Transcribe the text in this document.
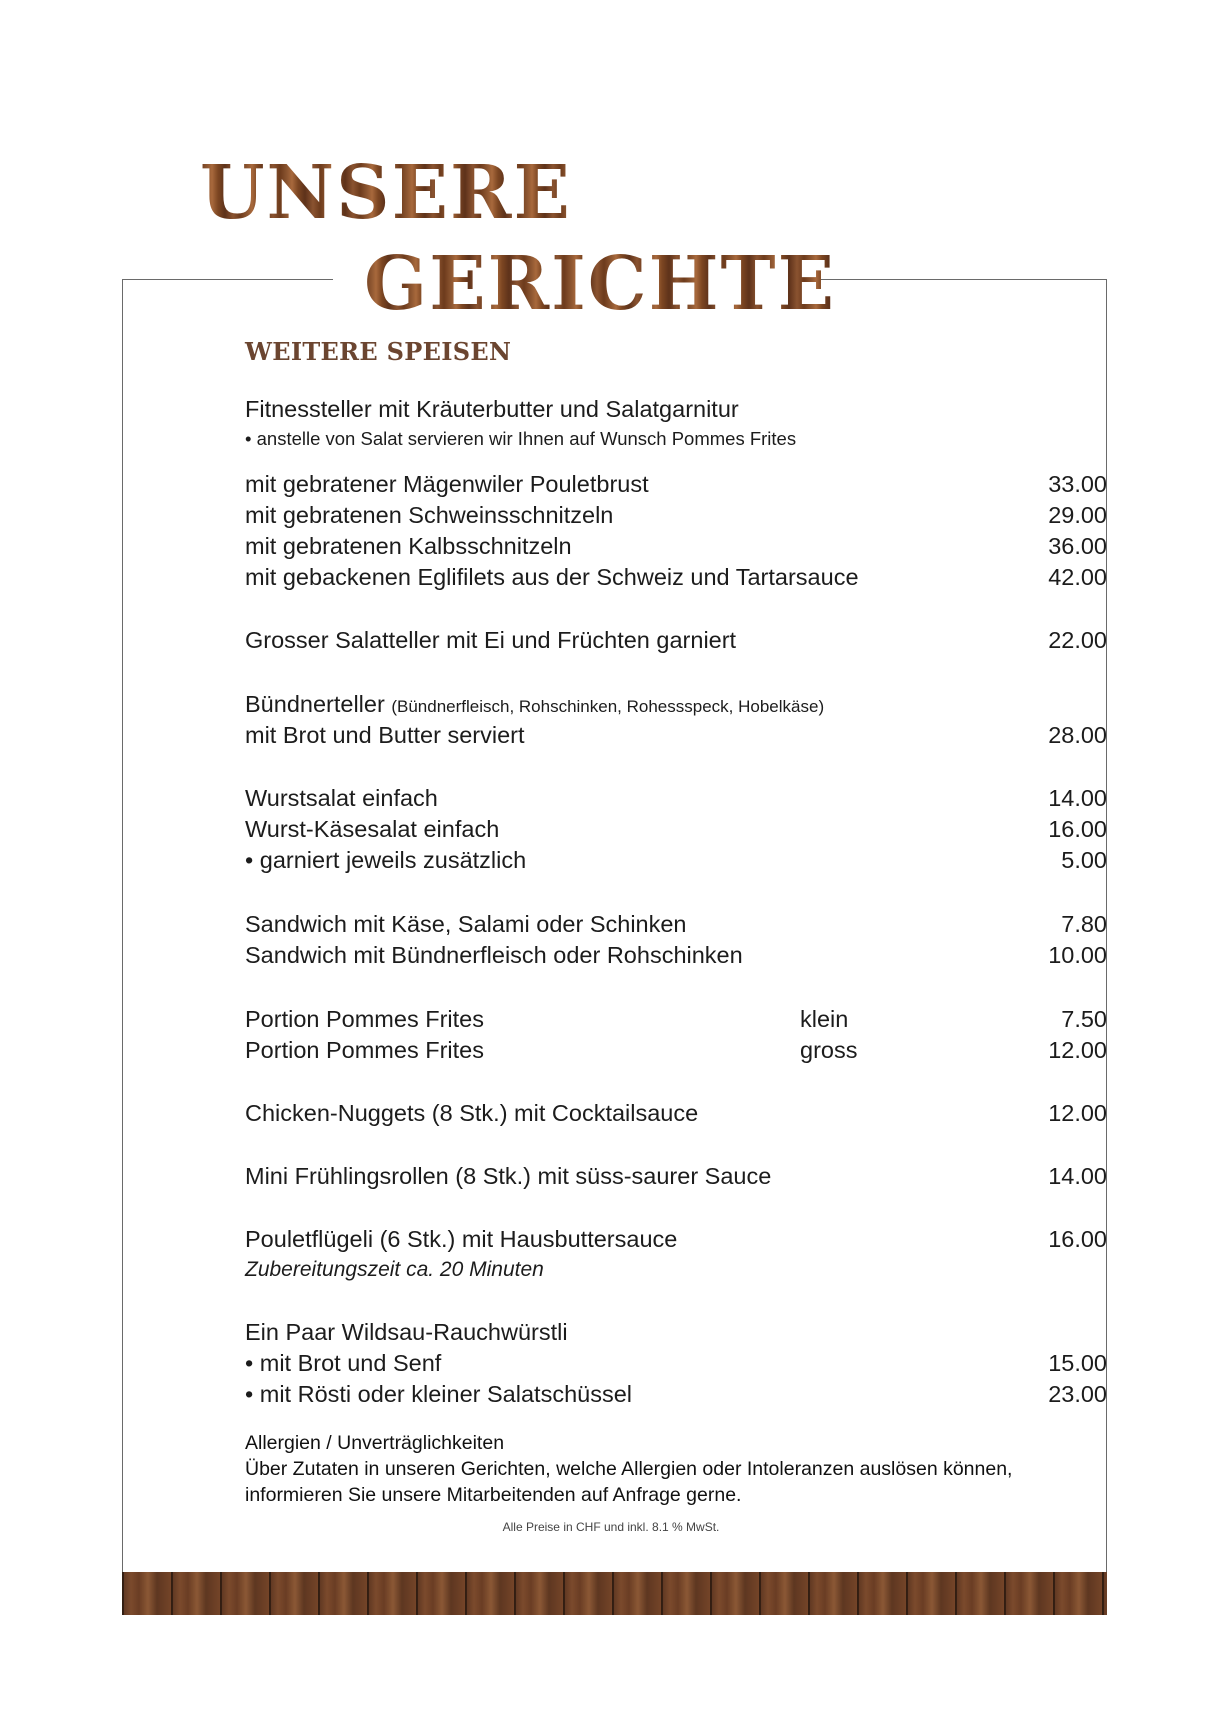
UNSERE
GERICHTE
WEITERE SPEISEN
Fitnessteller mit Kräuterbutter und Salatgarnitur
• anstelle von Salat servieren wir Ihnen auf Wunsch Pommes Frites
mit gebratener Mägenwiler Pouletbrust	33.00
mit gebratenen Schweinsschnitzeln	29.00
mit gebratenen Kalbsschnitzeln	36.00
mit gebackenen Eglifilets aus der Schweiz und Tartarsauce	42.00
Grosser Salatteller mit Ei und Früchten garniert	22.00
Bündnerteller (Bündnerfleisch, Rohschinken, Rohessspeck, Hobelkäse)
mit Brot und Butter serviert	28.00
Wurstsalat einfach	14.00
Wurst-Käsesalat einfach	16.00
• garniert jeweils zusätzlich	5.00
Sandwich mit Käse, Salami oder Schinken	7.80
Sandwich mit Bündnerfleisch oder Rohschinken	10.00
Portion Pommes Frites	klein	7.50
Portion Pommes Frites	gross	12.00
Chicken-Nuggets (8 Stk.) mit Cocktailsauce	12.00
Mini Frühlingsrollen (8 Stk.) mit süss-saurer Sauce	14.00
Pouletflügeli (6 Stk.) mit Hausbuttersauce	16.00
Zubereitungszeit ca. 20 Minuten
Ein Paar Wildsau-Rauchwürstli
• mit Brot und Senf	15.00
• mit Rösti oder kleiner Salatschüssel	23.00
Allergien / Unverträglichkeiten
Über Zutaten in unseren Gerichten, welche Allergien oder Intoleranzen auslösen können,
informieren Sie unsere Mitarbeitenden auf Anfrage gerne.
Alle Preise in CHF und inkl. 8.1 % MwSt.
